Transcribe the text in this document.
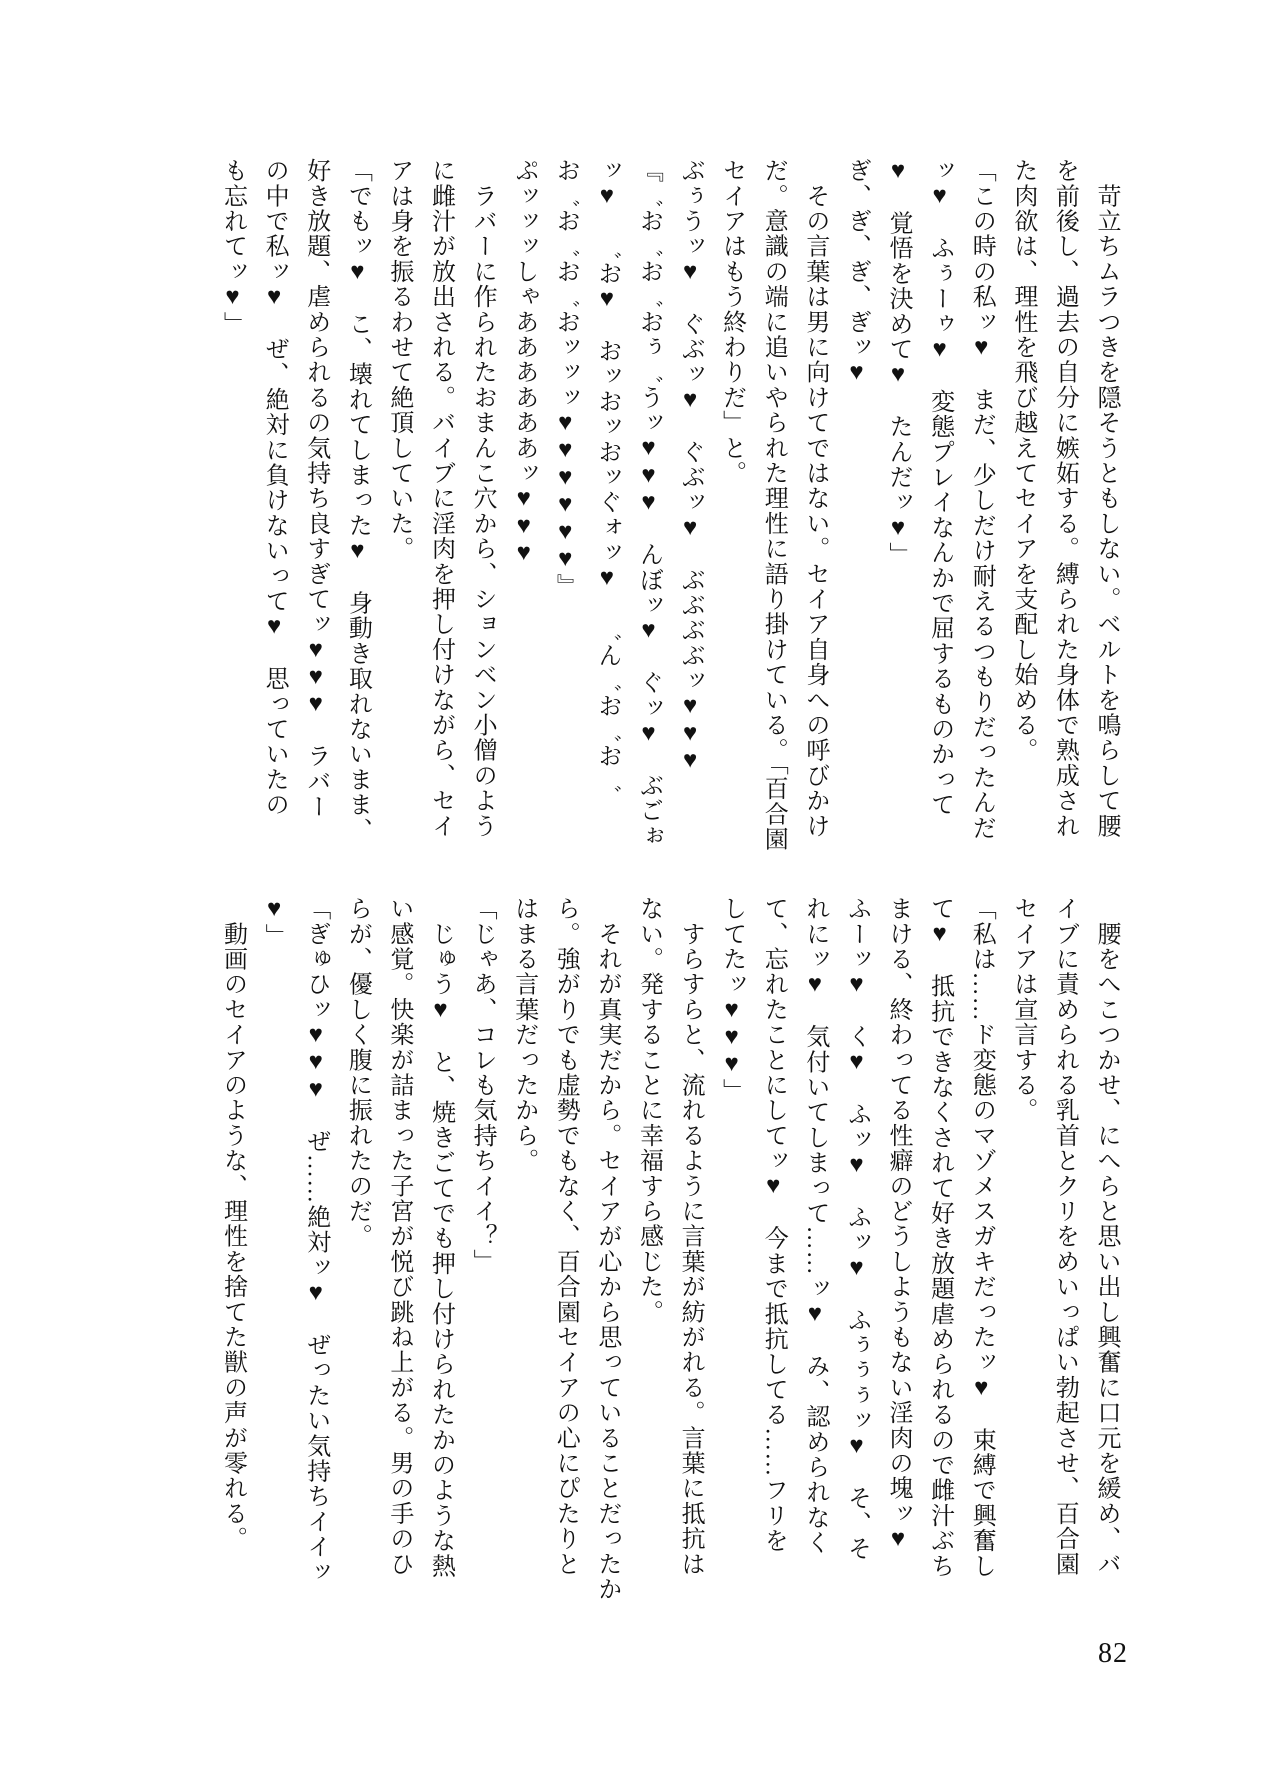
　苛立ちムラつきを隠そうともしない。ベルトを鳴らして腰

を前後し、過去の自分に嫉妬する。縛られた身体で熟成され

た肉欲は、理性を飛び越えてセイアを支配し始める。

「この時の私ッ♥　まだ、少しだけ耐えるつもりだったんだ

ッ♥　ふぅーゥ♥　変態プレイなんかで屈するものかって

♥　覚悟を決めて♥　たんだッ♥」

ぎ、ぎ、ぎ、ぎッ♥

　その言葉は男に向けてではない。セイア自身への呼びかけ

だ。意識の端に追いやられた理性に語り掛けている。「百合園

セイアはもう終わりだ」と。

ぶぅうッ♥　ぐぶッ♥　ぐぶッ♥　ぶぶぶぶッ♥♥♥

『゛お゛お゛おぅ゛うッ♥♥♥　んぼッ♥　ぐッ♥　ぶごぉ

ッ♥　゛お♥　おッおッおッぐォッ♥　゛ん゛お゛お゛

お゛お゛お゛おッッッ♥♥♥♥♥♥』

ぷッッッしゃああああああッ♥♥♥

　ラバーに作られたおまんこ穴から、ションベン小僧のよう

に雌汁が放出される。バイブに淫肉を押し付けながら、セイ

アは身を振るわせて絶頂していた。

「でもッ♥　こ、壊れてしまった♥　身動き取れないまま、

好き放題、虐められるの気持ち良すぎてッ♥♥♥　ラバー

の中で私ッ♥　ぜ、絶対に負けないって♥　思っていたの

も忘れてッ♥」

　腰をへこつかせ、にへらと思い出し興奮に口元を緩め、バ

イブに責められる乳首とクリをめいっぱい勃起させ、百合園

セイアは宣言する。

「私は……ド変態のマゾメスガキだったッ♥　束縛で興奮し

て♥　抵抗できなくされて好き放題虐められるので雌汁ぶち

まける、終わってる性癖のどうしようもない淫肉の塊ッ♥

ふーッ♥　く♥　ふッ♥　ふッ♥　ふぅぅぅッ♥　そ、そ

れにッ♥　気付いてしまって……ッ♥　み、認められなく

て、忘れたことにしてッ♥　今まで抵抗してる……フリを

してたッ♥♥♥」

　すらすらと、流れるように言葉が紡がれる。言葉に抵抗は

ない。発することに幸福すら感じた。

　それが真実だから。セイアが心から思っていることだったか

ら。強がりでも虚勢でもなく、百合園セイアの心にぴたりと

はまる言葉だったから。

「じゃあ、コレも気持ちイイ？」

　じゅう♥　と、焼きごてでも押し付けられたかのような熱

い感覚。快楽が詰まった子宮が悦び跳ね上がる。男の手のひ

らが、優しく腹に振れたのだ。

「ぎゅひッ♥♥♥　ぜ……絶対ッ♥　ぜったい気持ちイイッ

♥」

　動画のセイアのような、理性を捨てた獣の声が零れる。

82
